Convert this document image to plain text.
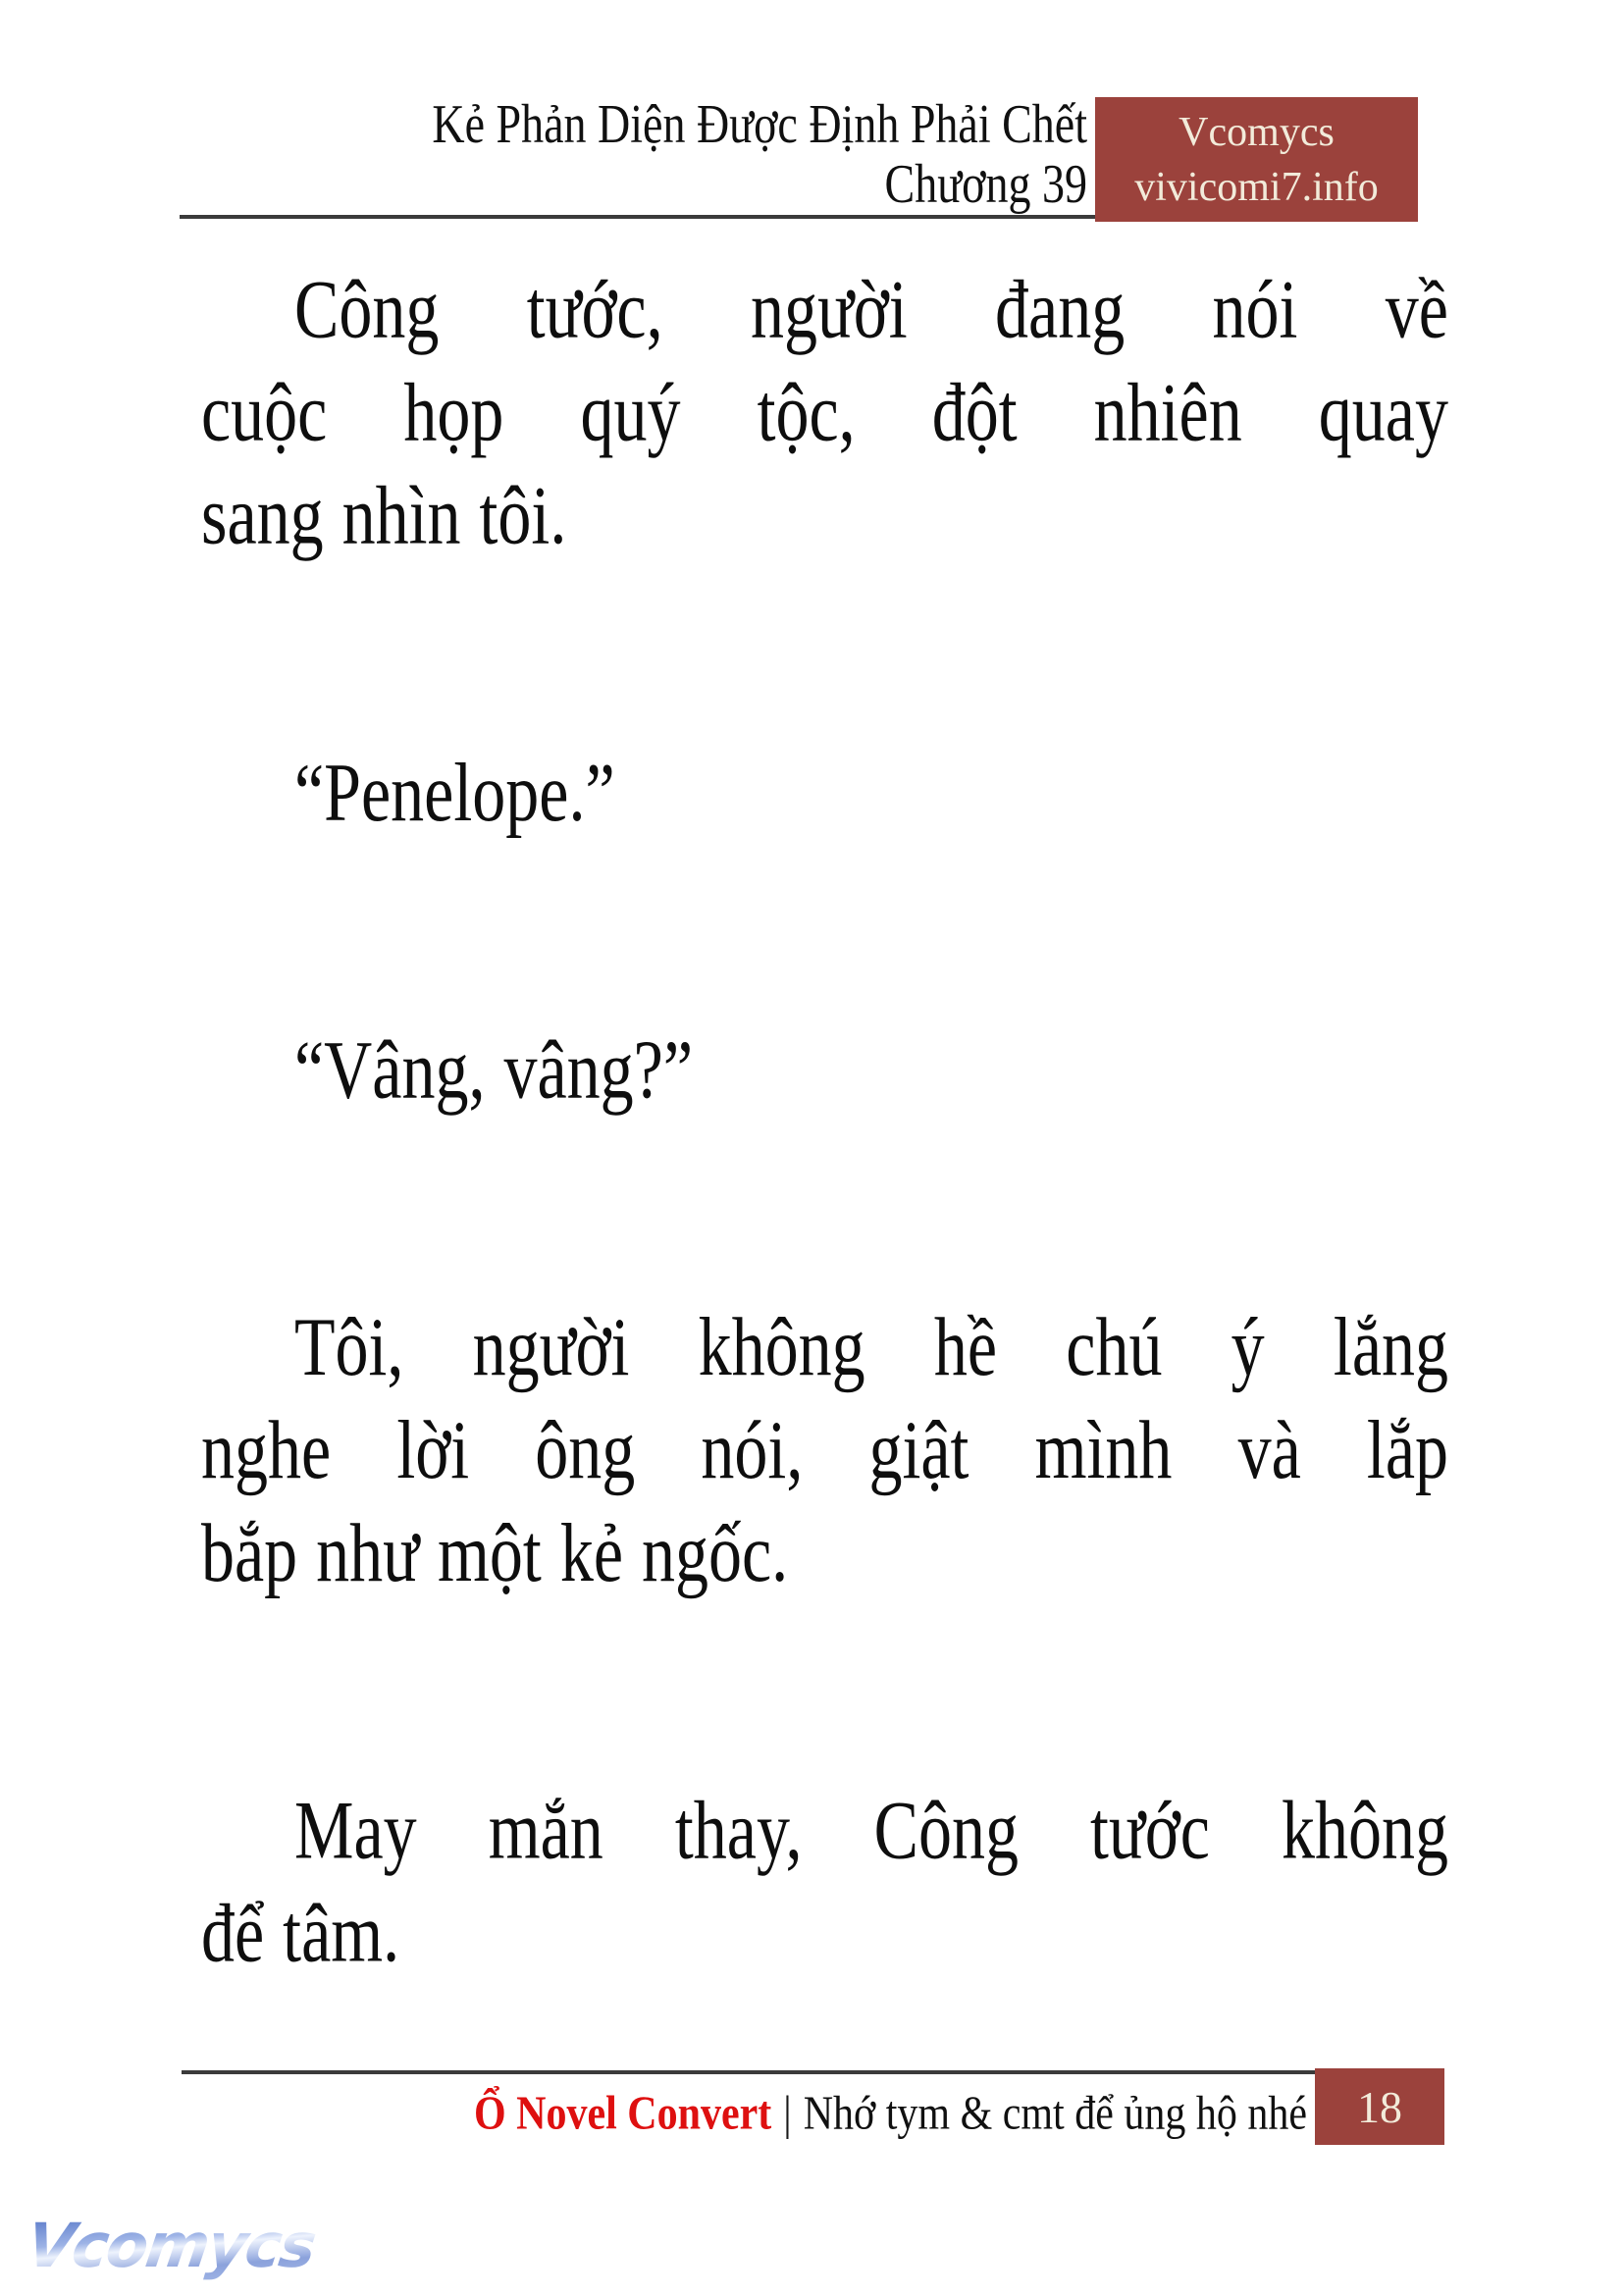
Kẻ Phản Diện Được Định Phải Chết
Chương 39
Vcomycs
vivicomi7.info
Công tước, người đang nói về
cuộc họp quý tộc, đột nhiên quay
sang nhìn tôi.
“Penelope.”
“Vâng, vâng?”
Tôi, người không hề chú ý lắng
nghe lời ông nói, giật mình và lắp
bắp như một kẻ ngốc.
May mắn thay, Công tước không
để tâm.
Ổ Novel Convert | Nhớ tym & cmt để ủng hộ nhé	18
Vcomycs
